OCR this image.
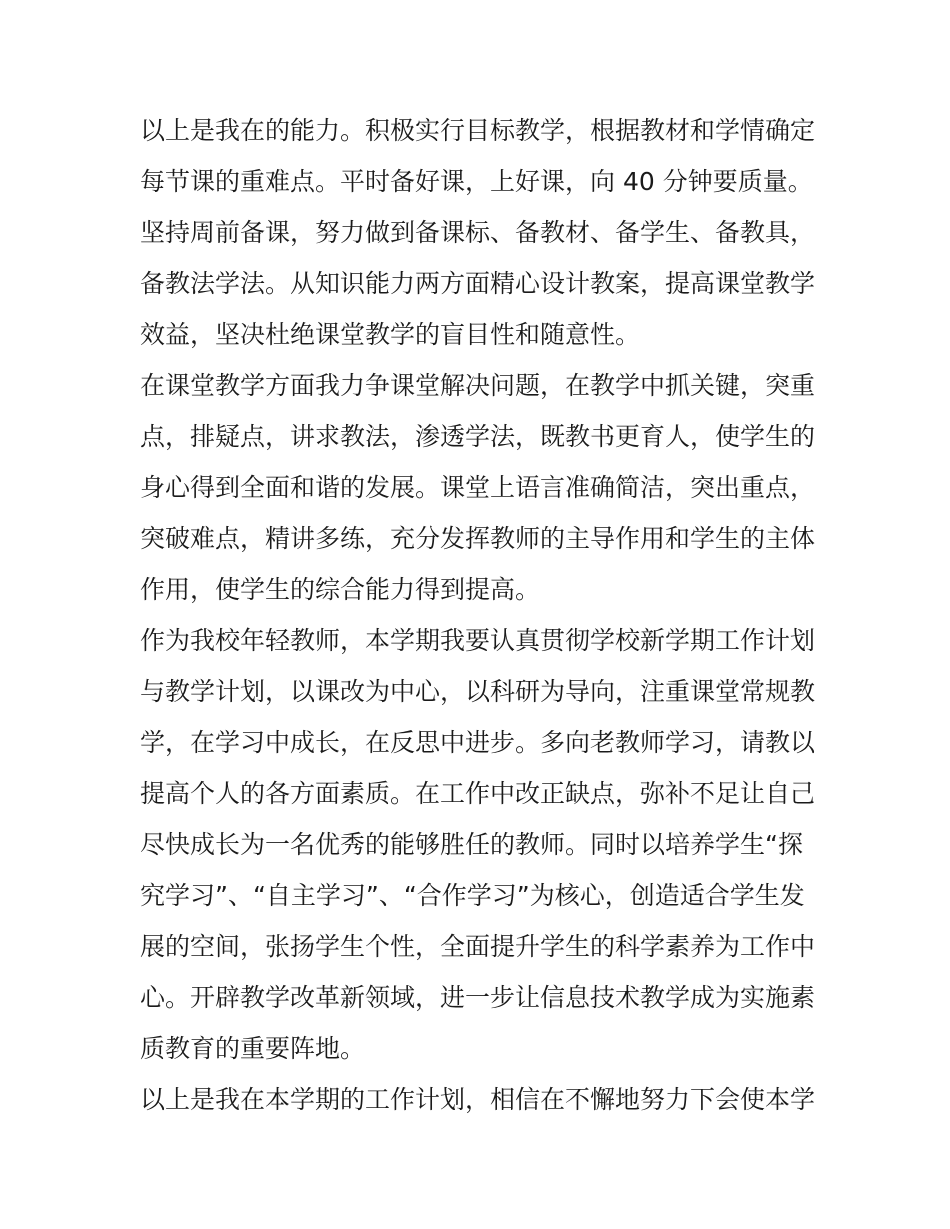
以上是我在的能力。积极实行目标教学，根据教材和学情确定
每节课的重难点。平时备好课，上好课，向 40 分钟要质量。

坚持周前备课，努力做到备课标、备教材、备学生、备教具，
备教法学法。从知识能力两方面精心设计教案，提高课堂教学
效益，坚决杜绝课堂教学的盲目性和随意性。

在课堂教学方面我力争课堂解决问题，在教学中抓关键，突重
点，排疑点，讲求教法，渗透学法，既教书更育人，使学生的
身心得到全面和谐的发展。课堂上语言准确简洁，突出重点，
突破难点，精讲多练，充分发挥教师的主导作用和学生的主体
作用，使学生的综合能力得到提高。

作为我校年轻教师，本学期我要认真贯彻学校新学期工作计划
与教学计划，以课改为中心，以科研为导向，注重课堂常规教
学，在学习中成长，在反思中进步。多向老教师学习，请教以
提高个人的各方面素质。在工作中改正缺点，弥补不足让自己
尽快成长为一名优秀的能够胜任的教师。同时以培养学生“探
究学习”、“自主学习”、“合作学习”为核心，创造适合学生发
展的空间，张扬学生个性，全面提升学生的科学素养为工作中
心。开辟教学改革新领域，进一步让信息技术教学成为实施素
质教育的重要阵地。

以上是我在本学期的工作计划，相信在不懈地努力下会使本学
